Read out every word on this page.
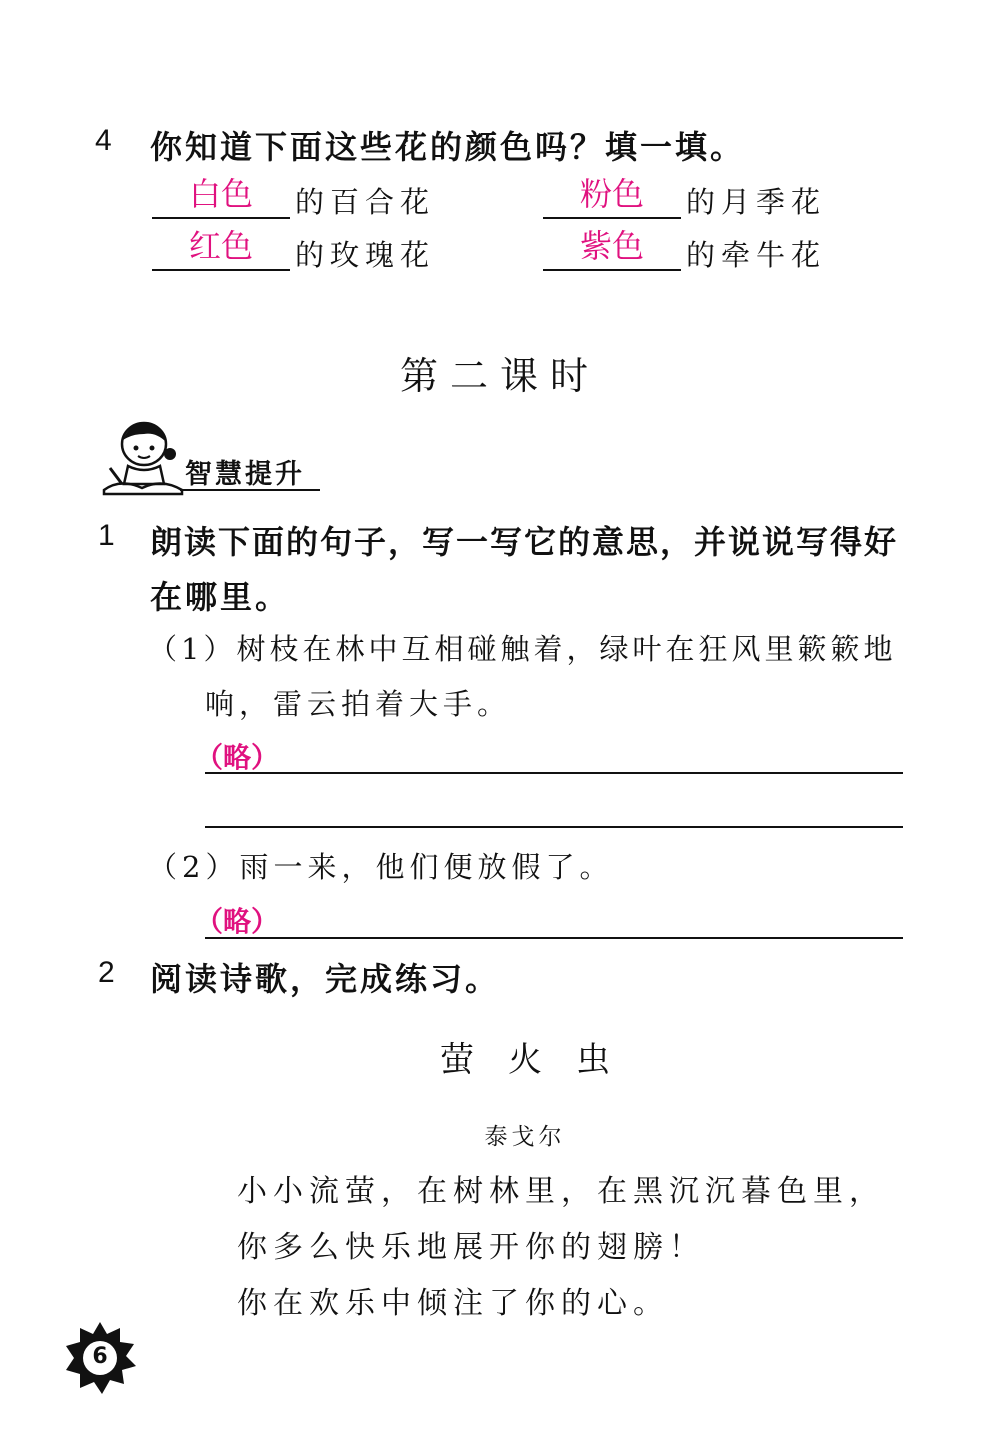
4 你知道下面这些花的颜色吗？填一填。
白色	的百合花	粉色	的月季花
红色	的玫瑰花	紫色	的牵牛花
第二课时
智慧提升
1 朗读下面的句子，写一写它的意思，并说说写得好
在哪里。
（1）树枝在林中互相碰触着，绿叶在狂风里簌簌地
响，雷云拍着大手。
（略）
（2）雨一来，他们便放假了。
（略）
2 阅读诗歌，完成练习。
萤　火　虫
泰戈尔
小小流萤，在树林里，在黑沉沉暮色里，
你多么快乐地展开你的翅膀！
你在欢乐中倾注了你的心。
6
